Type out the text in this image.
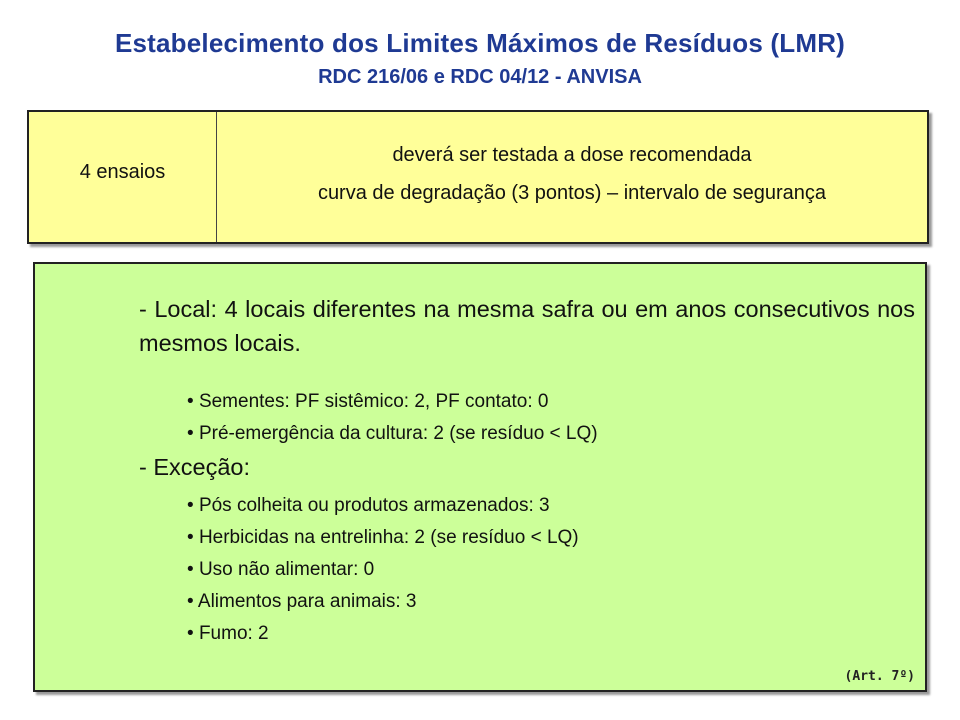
Estabelecimento dos Limites Máximos de Resíduos (LMR)
RDC 216/06 e RDC 04/12 - ANVISA
4 ensaios
deverá ser testada a dose recomendada
curva de degradação (3 pontos) – intervalo de segurança
- Local: 4 locais diferentes na mesma safra ou em anos consecutivos nos mesmos locais.
• Sementes: PF sistêmico: 2, PF contato: 0
• Pré-emergência da cultura: 2 (se resíduo < LQ)
- Exceção:
• Pós colheita ou produtos armazenados: 3
• Herbicidas na entrelinha: 2 (se resíduo < LQ)
• Uso não alimentar: 0
• Alimentos para animais: 3
• Fumo: 2
(Art. 7º)
